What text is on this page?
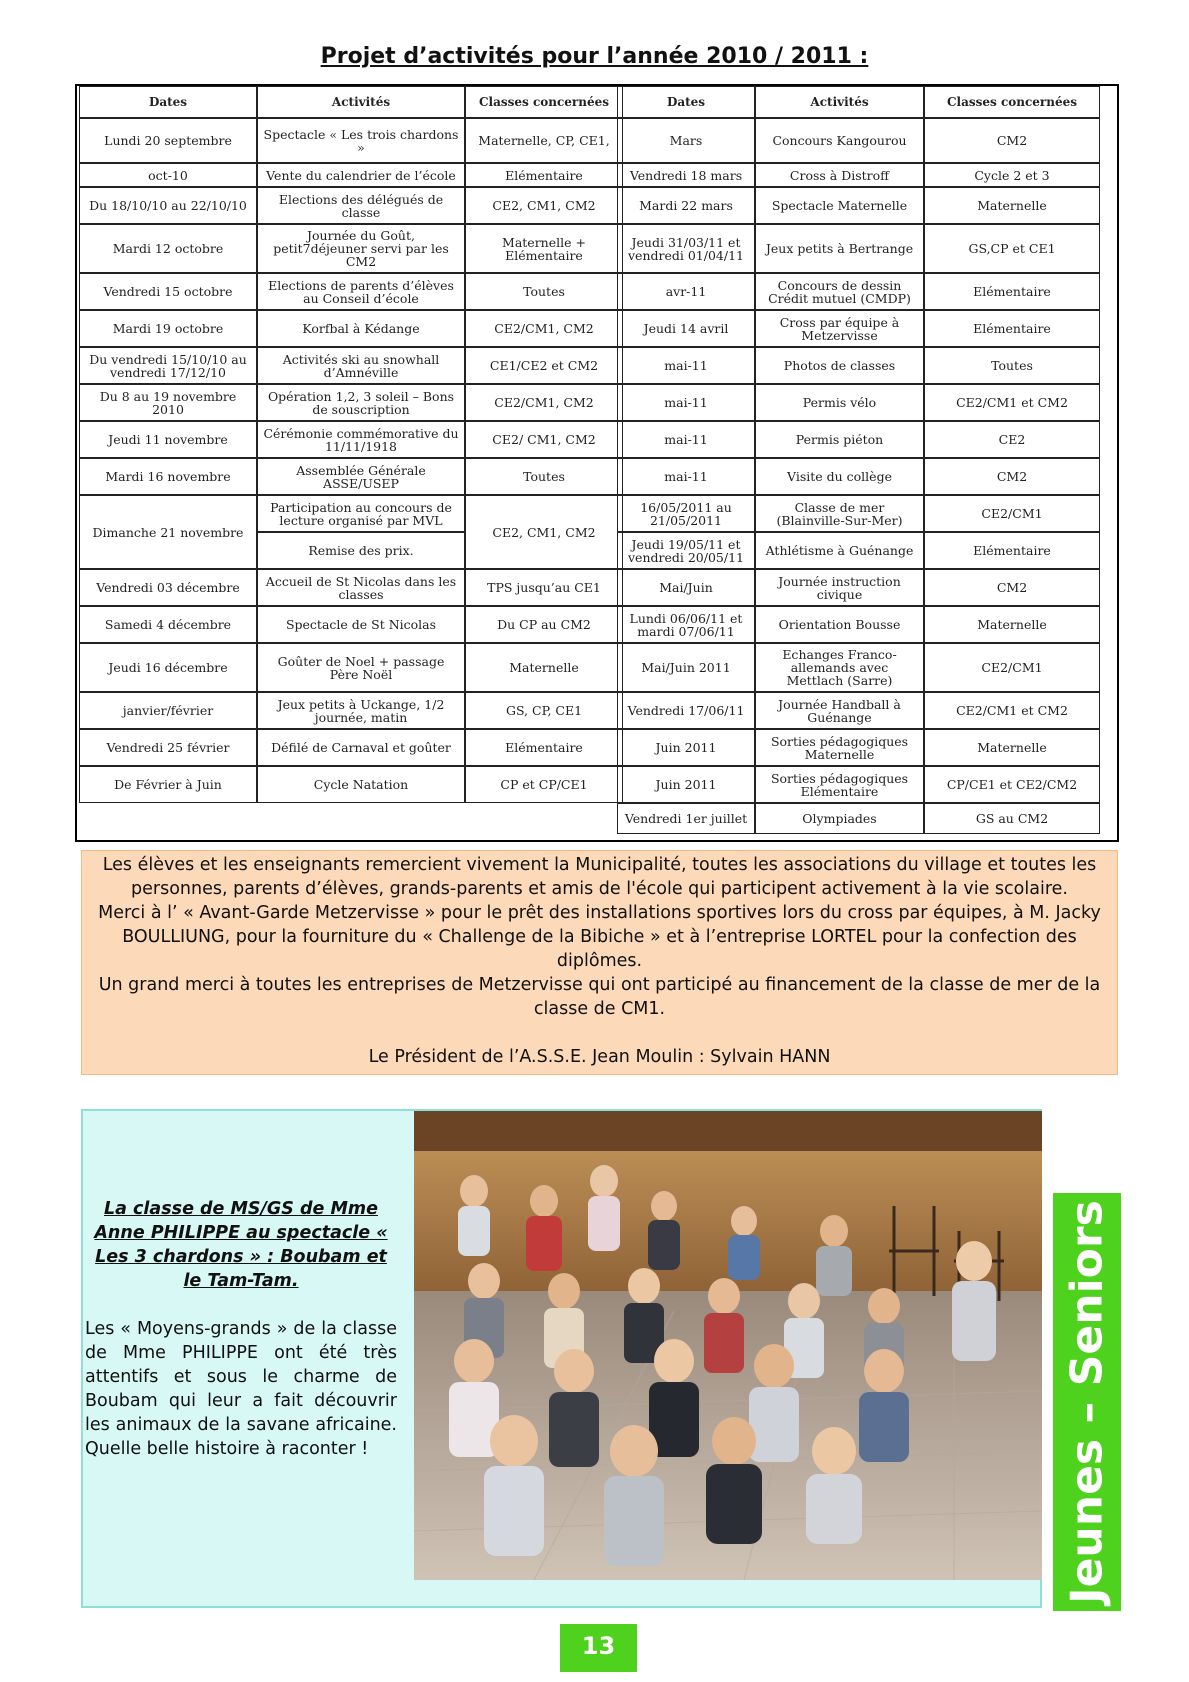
Projet d’activités pour l’année 2010 / 2011 :
Dates	Activités	Classes concernées
Lundi 20 septembre	Spectacle « Les trois chardons »	Maternelle, CP, CE1,
oct-10	Vente du calendrier de l’école	Elémentaire
Du 18/10/10 au 22/10/10	Elections des délégués de classe	CE2, CM1, CM2
Mardi 12 octobre	Journée du Goût, petit7déjeuner servi par les CM2	Maternelle + Elémentaire
Vendredi 15 octobre	Elections de parents d’élèves au Conseil d’école	Toutes
Mardi 19 octobre	Korfbal à Kédange	CE2/CM1, CM2
Du vendredi 15/10/10 au vendredi 17/12/10	Activités ski au snowhall d’Amnéville	CE1/CE2 et CM2
Du 8 au 19 novembre 2010	Opération 1,2, 3 soleil – Bons de souscription	CE2/CM1, CM2
Jeudi 11 novembre	Cérémonie commémorative du 11/11/1918	CE2/ CM1, CM2
Mardi 16 novembre	Assemblée Générale ASSE/USEP	Toutes
Dimanche 21 novembre	Participation au concours de lecture organisé par MVL	CE2, CM1, CM2
	Remise des prix.	
Vendredi 03 décembre	Accueil de St Nicolas dans les classes	TPS jusqu’au CE1
Samedi 4 décembre	Spectacle de St Nicolas	Du CP au CM2
Jeudi 16 décembre	Goûter de Noel + passage Père Noël	Maternelle
janvier/février	Jeux petits à Uckange, 1/2 journée, matin	GS, CP, CE1
Vendredi 25 février	Défilé de Carnaval et goûter	Elémentaire
De Février à Juin	Cycle Natation	CP et CP/CE1
Dates	Activités	Classes concernées
Mars	Concours Kangourou	CM2
Vendredi 18 mars	Cross à Distroff	Cycle 2 et 3
Mardi 22 mars	Spectacle Maternelle	Maternelle
Jeudi 31/03/11 et vendredi 01/04/11	Jeux petits à Bertrange	GS,CP et CE1
avr-11	Concours de dessin Crédit mutuel (CMDP)	Elémentaire
Jeudi 14 avril	Cross par équipe à Metzervisse	Elémentaire
mai-11	Photos de classes	Toutes
mai-11	Permis vélo	CE2/CM1 et CM2
mai-11	Permis piéton	CE2
mai-11	Visite du collège	CM2
16/05/2011 au 21/05/2011	Classe de mer (Blainville-Sur-Mer)	CE2/CM1
Jeudi 19/05/11 et vendredi 20/05/11	Athlétisme à Guénange	Elémentaire
Mai/Juin	Journée instruction civique	CM2
Lundi 06/06/11 et mardi 07/06/11	Orientation Bousse	Maternelle
Mai/Juin 2011	Echanges Franco-allemands avec Mettlach (Sarre)	CE2/CM1
Vendredi 17/06/11	Journée Handball à Guénange	CE2/CM1 et CM2
Juin 2011	Sorties pédagogiques Maternelle	Maternelle
Juin 2011	Sorties pédagogiques Elémentaire	CP/CE1 et CE2/CM2
Vendredi 1er juillet	Olympiades	GS au CM2

Les élèves et les enseignants remercient vivement la Municipalité, toutes les associations du village et toutes les personnes, parents d’élèves, grands-parents et amis de l'école qui participent activement à la vie scolaire.

Merci à l’ « Avant-Garde Metzervisse » pour le prêt des installations sportives lors du cross par équipes, à M. Jacky BOULLIUNG, pour la fourniture du « Challenge de la Bibiche » et à l’entreprise LORTEL pour la confection des diplômes.

Un grand merci à toutes les entreprises de Metzervisse qui ont participé au financement de la classe de mer de la classe de CM1.

Le Président de l’A.S.S.E. Jean Moulin : Sylvain HANN

La classe de MS/GS de Mme Anne PHILIPPE au spectacle « Les 3 chardons » : Boubam et le Tam-Tam.

Les « Moyens-grands » de la classe de Mme PHILIPPE ont été très attentifs et sous le charme de Boubam qui leur a fait découvrir les animaux de la savane africaine. Quelle belle histoire à raconter !	Jeunes – Seniors
13
